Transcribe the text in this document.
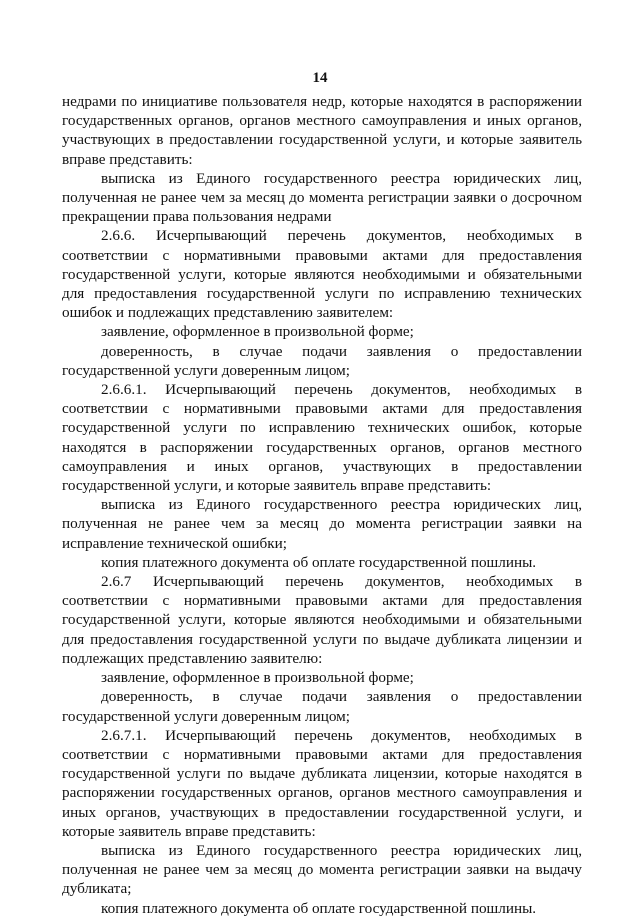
14

недрами по инициативе пользователя недр, которые находятся в распоряжении государственных органов, органов местного самоуправления и иных органов, участвующих в предоставлении государственной услуги, и которые заявитель вправе представить:

выписка из Единого государственного реестра юридических лиц, полученная не ранее чем за месяц до момента регистрации заявки о досрочном прекращении права пользования недрами

2.6.6. Исчерпывающий перечень документов, необходимых в соответствии с нормативными правовыми актами для предоставления государственной услуги, которые являются необходимыми и обязательными для предоставления государственной услуги по исправлению технических ошибок и подлежащих представлению заявителем:

заявление, оформленное в произвольной форме;

доверенность, в случае подачи заявления о предоставлении государственной услуги доверенным лицом;

2.6.6.1. Исчерпывающий перечень документов, необходимых в соответствии с нормативными правовыми актами для предоставления государственной услуги по исправлению технических ошибок, которые находятся в распоряжении государственных органов, органов местного самоуправления и иных органов, участвующих в предоставлении государственной услуги, и которые заявитель вправе представить:

выписка из Единого государственного реестра юридических лиц, полученная не ранее чем за месяц до момента регистрации заявки на исправление технической ошибки;

копия платежного документа об оплате государственной пошлины.

2.6.7 Исчерпывающий перечень документов, необходимых в соответствии с нормативными правовыми актами для предоставления государственной услуги, которые являются необходимыми и обязательными для предоставления государственной услуги по выдаче дубликата лицензии и подлежащих представлению заявителю:

заявление, оформленное в произвольной форме;

доверенность, в случае подачи заявления о предоставлении государственной услуги доверенным лицом;

2.6.7.1. Исчерпывающий перечень документов, необходимых в соответствии с нормативными правовыми актами для предоставления государственной услуги по выдаче дубликата лицензии, которые находятся в распоряжении государственных органов, органов местного самоуправления и иных органов, участвующих в предоставлении государственной услуги, и которые заявитель вправе представить:

выписка из Единого государственного реестра юридических лиц, полученная не ранее чем за месяц до момента регистрации заявки на выдачу дубликата;

копия платежного документа об оплате государственной пошлины.
